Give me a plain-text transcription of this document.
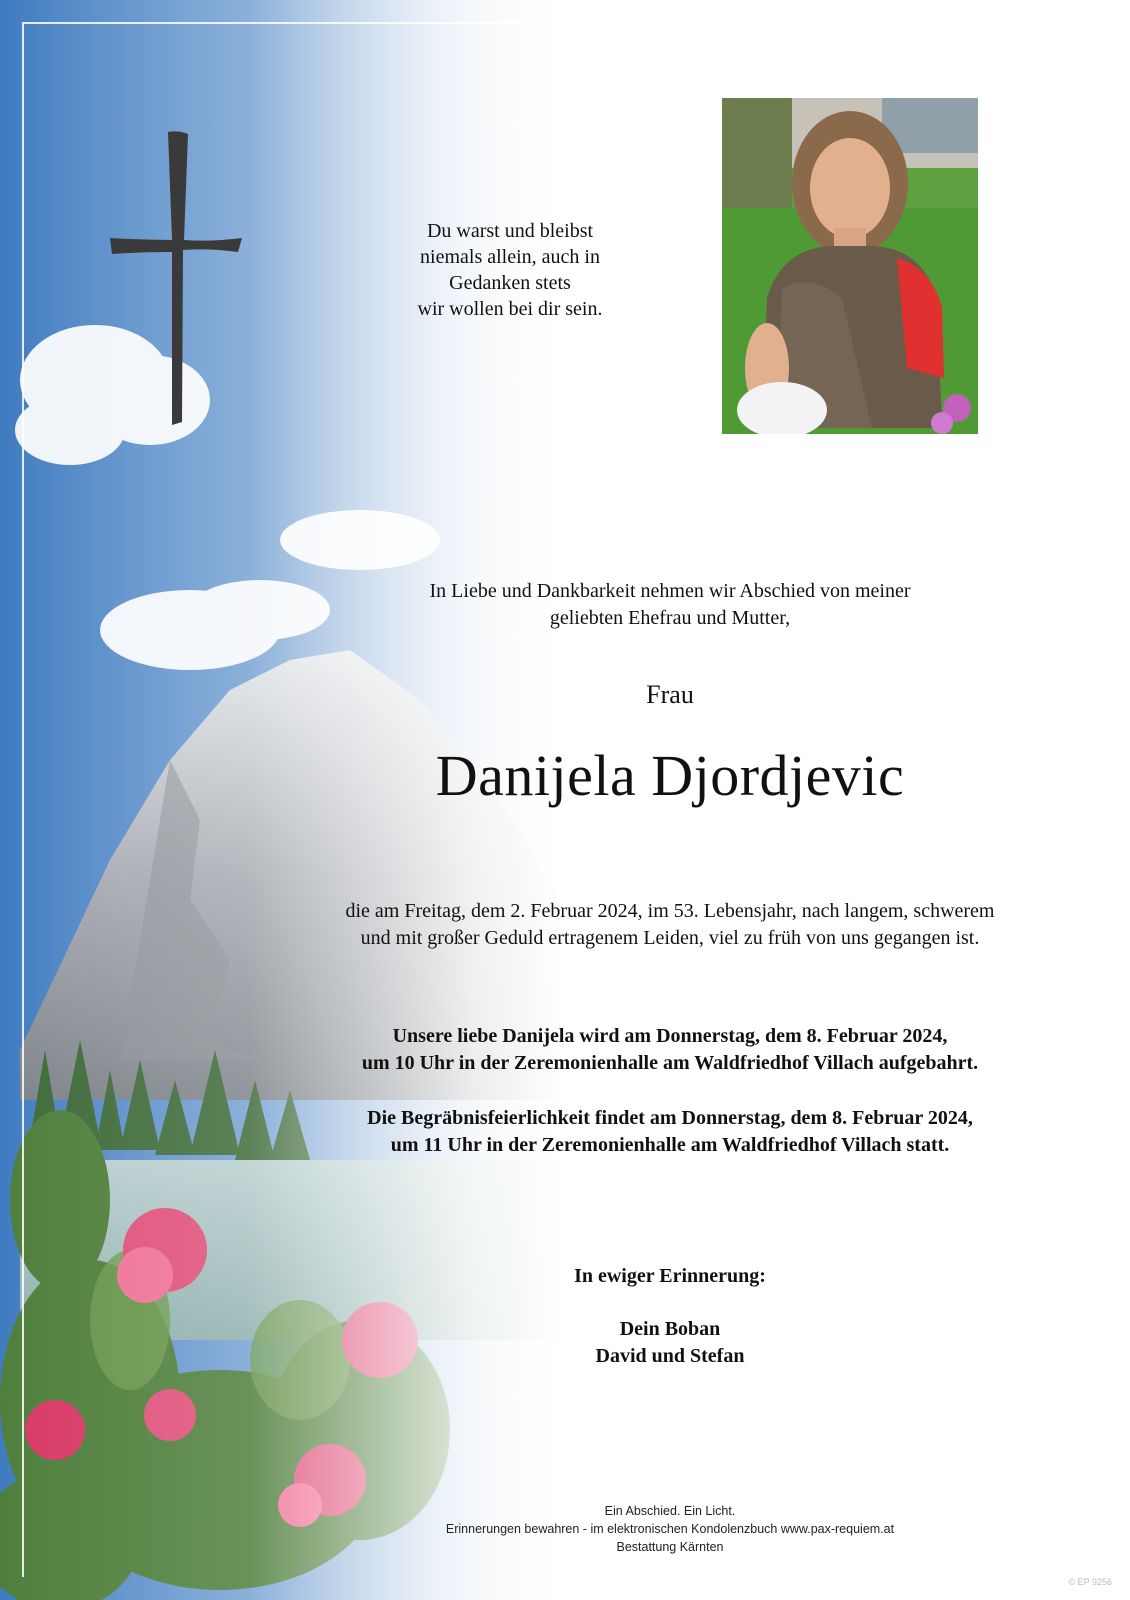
Du warst und bleibst
niemals allein, auch in
Gedanken stets
wir wollen bei dir sein.
In Liebe und Dankbarkeit nehmen wir Abschied von meiner
geliebten Ehefrau und Mutter,
Frau
Danijela Djordjevic
die am Freitag, dem 2. Februar 2024, im 53. Lebensjahr, nach langem, schwerem
und mit großer Geduld ertragenem Leiden, viel zu früh von uns gegangen ist.
Unsere liebe Danijela wird am Donnerstag, dem 8. Februar 2024,
um 10 Uhr in der Zeremonienhalle am Waldfriedhof Villach aufgebahrt.
Die Begräbnisfeierlichkeit findet am Donnerstag, dem 8. Februar 2024,
um 11 Uhr in der Zeremonienhalle am Waldfriedhof Villach statt.
In ewiger Erinnerung:
Dein Boban
David und Stefan
Ein Abschied. Ein Licht.
Erinnerungen bewahren - im elektronischen Kondolenzbuch www.pax-requiem.at
Bestattung Kärnten
© EP 9256
